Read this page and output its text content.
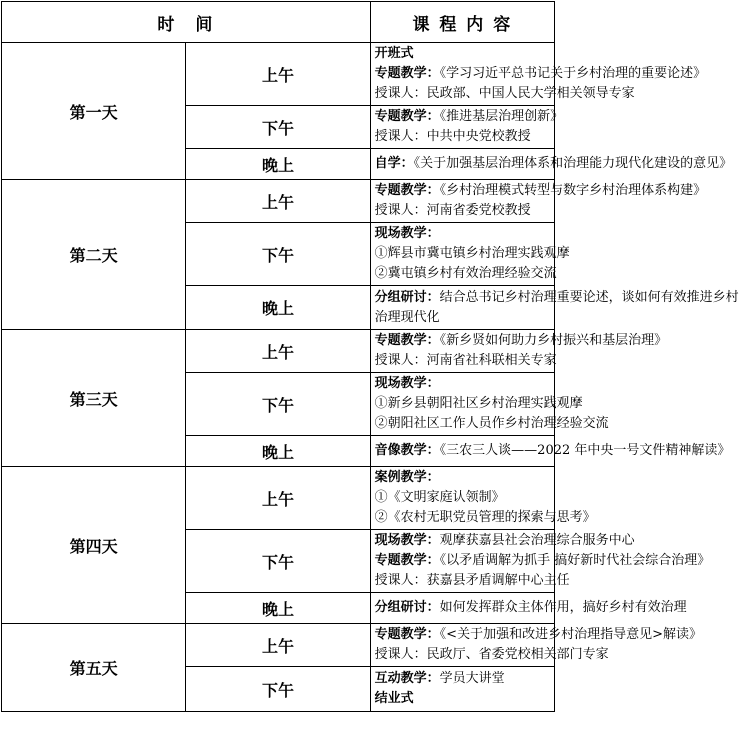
时　间		课 程 内 容
第一天	上午	开班式
专题教学：《学习习近平总书记关于乡村治理的重要论述》
授课人：民政部、中国人民大学相关领导专家

	下午	专题教学：《推进基层治理创新》
授课人：中共中央党校教授

	晚上	自学：《关于加强基层治理体系和治理能力现代化建设的意见》

第二天	上午	专题教学：《乡村治理模式转型与数字乡村治理体系构建》
授课人：河南省委党校教授

	下午	现场教学：
①辉县市冀屯镇乡村治理实践观摩
②冀屯镇乡村有效治理经验交流

	晚上	分组研讨：结合总书记乡村治理重要论述，谈如何有效推进乡村
治理现代化

第三天	上午	专题教学：《新乡贤如何助力乡村振兴和基层治理》
授课人：河南省社科联相关专家

	下午	现场教学：
①新乡县朝阳社区乡村治理实践观摩
②朝阳社区工作人员作乡村治理经验交流

	晚上	音像教学：《三农三人谈——2022 年中央一号文件精神解读》

第四天	上午	案例教学：
①《文明家庭认领制》
②《农村无职党员管理的探索与思考》

	下午	现场教学：观摩获嘉县社会治理综合服务中心
专题教学：《以矛盾调解为抓手 搞好新时代社会综合治理》
授课人：获嘉县矛盾调解中心主任

	晚上	分组研讨：如何发挥群众主体作用，搞好乡村有效治理

第五天	上午	专题教学：《<关于加强和改进乡村治理指导意见>解读》
授课人：民政厅、省委党校相关部门专家

	下午	互动教学：学员大讲堂
结业式
